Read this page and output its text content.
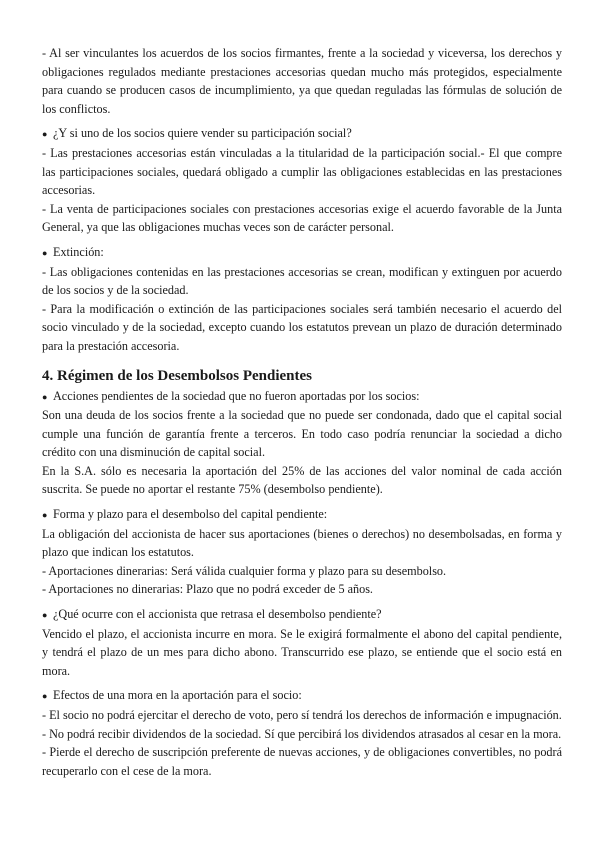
- Al ser vinculantes los acuerdos de los socios firmantes, frente a la sociedad y viceversa, los derechos y obligaciones regulados mediante prestaciones accesorias quedan mucho más protegidos, especialmente para cuando se producen casos de incumplimiento, ya que quedan reguladas las fórmulas de solución de los conflictos.

●
¿Y si uno de los socios quiere vender su participación social?

- Las prestaciones accesorias están vinculadas a la titularidad de la participación social.- El que compre las participaciones sociales, quedará obligado a cumplir las obligaciones establecidas en las prestaciones accesorias.

- La venta de participaciones sociales con prestaciones accesorias exige el acuerdo favorable de la Junta General, ya que las obligaciones muchas veces son de carácter personal.

●
Extinción:

- Las obligaciones contenidas en las prestaciones accesorias se crean, modifican y extinguen por acuerdo de los socios y de la sociedad.

- Para la modificación o extinción de las participaciones sociales será también necesario el acuerdo del socio vinculado y de la sociedad, excepto cuando los estatutos prevean un plazo de duración determinado para la prestación accesoria.

4. Régimen de los Desembolsos Pendientes
●
Acciones pendientes de la sociedad que no fueron aportadas por los socios:

Son una deuda de los socios frente a la sociedad que no puede ser condonada, dado que el capital social cumple una función de garantía frente a terceros. En todo caso podría renunciar la sociedad a dicho crédito con una disminución de capital social.

En la S.A. sólo es necesaria la aportación del 25% de las acciones del valor nominal de cada acción suscrita. Se puede no aportar el restante 75% (desembolso pendiente).

●
Forma y plazo para el desembolso del capital pendiente:

La obligación del accionista de hacer sus aportaciones (bienes o derechos) no desembolsadas, en forma y plazo que indican los estatutos.

- Aportaciones dinerarias: Será válida cualquier forma y plazo para su desembolso.

- Aportaciones no dinerarias: Plazo que no podrá exceder de 5 años.

●
¿Qué ocurre con el accionista que retrasa el desembolso pendiente?

Vencido el plazo, el accionista incurre en mora. Se le exigirá formalmente el abono del capital pendiente, y tendrá el plazo de un mes para dicho abono. Transcurrido ese plazo, se entiende que el socio está en mora.

●
Efectos de una mora en la aportación para el socio:

- El socio no podrá ejercitar el derecho de voto, pero sí tendrá los derechos de información e impugnación.

- No podrá recibir dividendos de la sociedad. Sí que percibirá los dividendos atrasados al cesar en la mora.

- Pierde el derecho de suscripción preferente de nuevas acciones, y de obligaciones convertibles, no podrá recuperarlo con el cese de la mora.
